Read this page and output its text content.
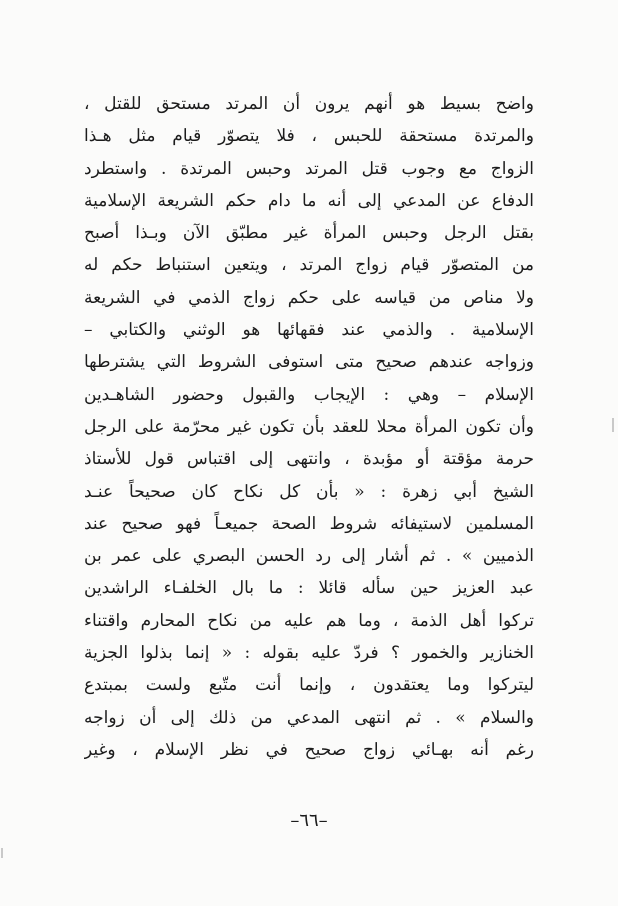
واضح بسيط هو أنهم يرون أن المرتد مستحق للقتل ،
والمرتدة مستحقة للحبس ، فلا يتصوّر قيام مثل هـذا
الزواج مع وجوب قتل المرتد وحبس المرتدة . واستطرد
الدفاع عن المدعي إلى أنه ما دام حكم الشريعة الإسلامية
بقتل الرجل وحبس المرأة غير مطبّق الآن وبـذا أصبح
من المتصوّر قيام زواج المرتد ، ويتعين استنباط حكم له
ولا مناص من قياسه على حكم زواج الذمي في الشريعة
الإسلامية . والذمي عند فقهائها هو الوثني والكتابي –
وزواجه عندهم صحيح متى استوفى الشروط التي يشترطها
الإسلام – وهي : الإيجاب والقبول وحضور الشاهـدين
وأن تكون المرأة محلا للعقد بأن تكون غير محرّمة على الرجل
حرمة مؤقتة أو مؤبدة ، وانتهى إلى اقتباس قول للأستاذ
الشيخ أبي زهرة : « بأن كل نكاح كان صحيحاً عنـد
المسلمين لاستيفائه شروط الصحة جميعـاً فهو صحيح عند
الذميين » . ثم أشار إلى رد الحسن البصري على عمر بن
عبد العزيز حين سأله قائلا : ما بال الخلفـاء الراشدين
تركوا أهل الذمة ، وما هم عليه من نكاح المحارم واقتناء
الخنازير والخمور ؟ فردّ عليه بقوله : « إنما بذلوا الجزية
ليتركوا وما يعتقدون ، وإنما أنت متّبع ولست بمبتدع
والسلام » . ثم انتهى المدعي من ذلك إلى أن زواجه
رغم أنه بهـائي زواج صحيح في نظر الإسلام ، وغير
–٦٦–
